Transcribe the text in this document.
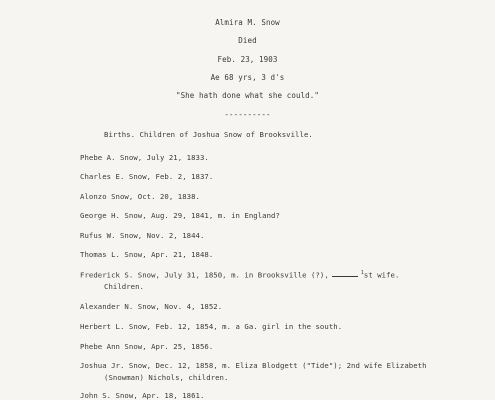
Almira M. Snow
Died
Feb. 23, 1903
Ae 68 yrs, 3 d's
"She hath done what she could."
----------
Births. Children of Joshua Snow of Brooksville.
Phebe A. Snow, July 21, 1833.
Charles E. Snow, Feb. 2, 1837.
Alonzo Snow, Oct. 20, 1838.
George H. Snow, Aug. 29, 1841, m. in England?
Rufus W. Snow, Nov. 2, 1844.
Thomas L. Snow, Apr. 21, 1848.
Frederick S. Snow, July 31, 1850, m. in Brooksville (?),	$^1$st wife.
Children.
Alexander N. Snow, Nov. 4, 1852.
Herbert L. Snow, Feb. 12, 1854, m. a Ga. girl in the south.
Phebe Ann Snow, Apr. 25, 1856.
Joshua Jr. Snow, Dec. 12, 1858, m. Eliza Blodgett ("Tide"); 2nd wife Elizabeth
(Snowman) Nichols, children.
John S. Snow, Apr. 18, 1861.
